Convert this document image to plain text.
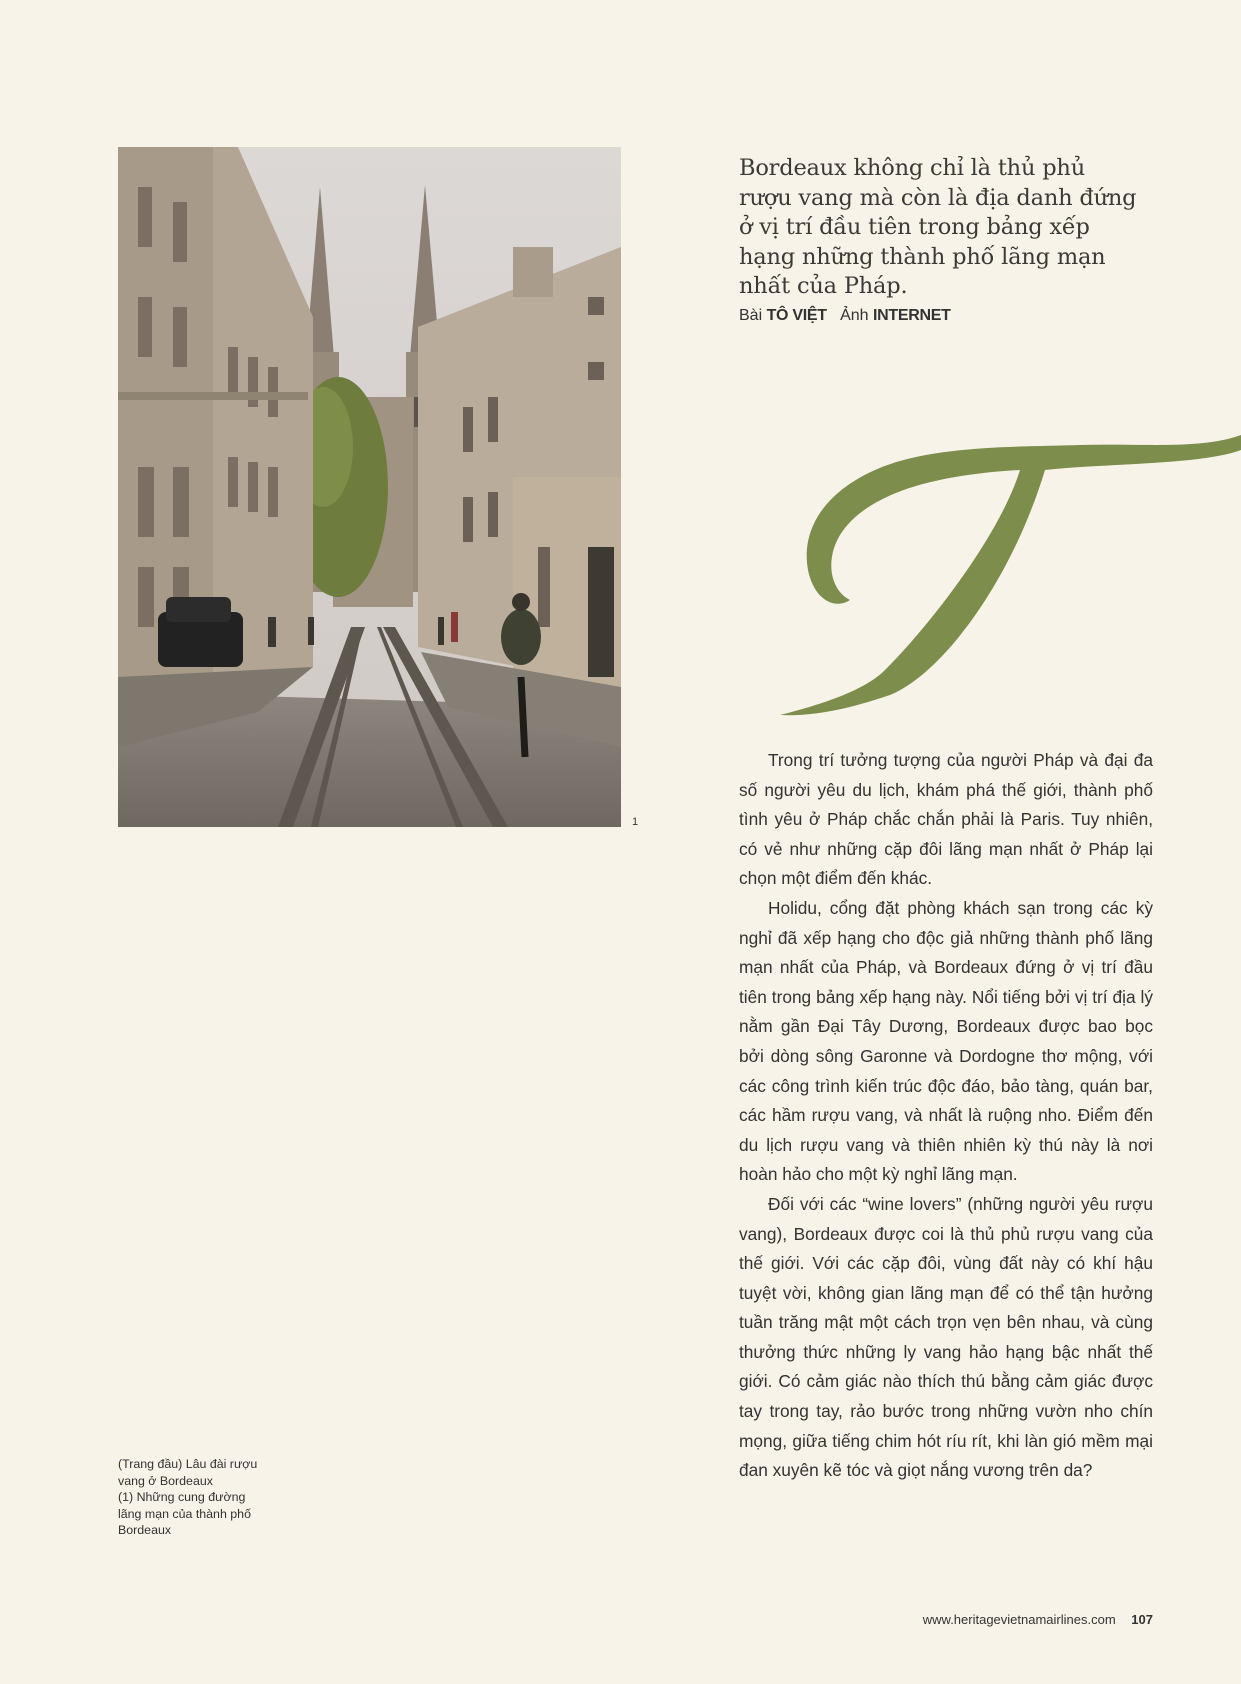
1
Bordeaux không chỉ là thủ phủ rượu vang mà còn là địa danh đứng ở vị trí đầu tiên trong bảng xếp hạng những thành phố lãng mạn nhất của Pháp.
Bài TÔ VIỆT Ảnh INTERNET

Trong trí tưởng tượng của người Pháp và đại đa số người yêu du lịch, khám phá thế giới, thành phố tình yêu ở Pháp chắc chắn phải là Paris. Tuy nhiên, có vẻ như những cặp đôi lãng mạn nhất ở Pháp lại chọn một điểm đến khác.

Holidu, cổng đặt phòng khách sạn trong các kỳ nghỉ đã xếp hạng cho độc giả những thành phố lãng mạn nhất của Pháp, và Bordeaux đứng ở vị trí đầu tiên trong bảng xếp hạng này. Nổi tiếng bởi vị trí địa lý nằm gần Đại Tây Dương, Bordeaux được bao bọc bởi dòng sông Garonne và Dordogne thơ mộng, với các công trình kiến trúc độc đáo, bảo tàng, quán bar, các hầm rượu vang, và nhất là ruộng nho. Điểm đến du lịch rượu vang và thiên nhiên kỳ thú này là nơi hoàn hảo cho một kỳ nghỉ lãng mạn.

Đối với các “wine lovers” (những người yêu rượu vang), Bordeaux được coi là thủ phủ rượu vang của thế giới. Với các cặp đôi, vùng đất này có khí hậu tuyệt vời, không gian lãng mạn để có thể tận hưởng tuần trăng mật một cách trọn vẹn bên nhau, và cùng thưởng thức những ly vang hảo hạng bậc nhất thế giới. Có cảm giác nào thích thú bằng cảm giác được tay trong tay, rảo bước trong những vườn nho chín mọng, giữa tiếng chim hót ríu rít, khi làn gió mềm mại đan xuyên kẽ tóc và giọt nắng vương trên da?

(Trang đầu) Lâu đài rượu vang ở Bordeaux
(1) Những cung đường lãng mạn của thành phố Bordeaux
www.heritagevietnamairlines.com 107
